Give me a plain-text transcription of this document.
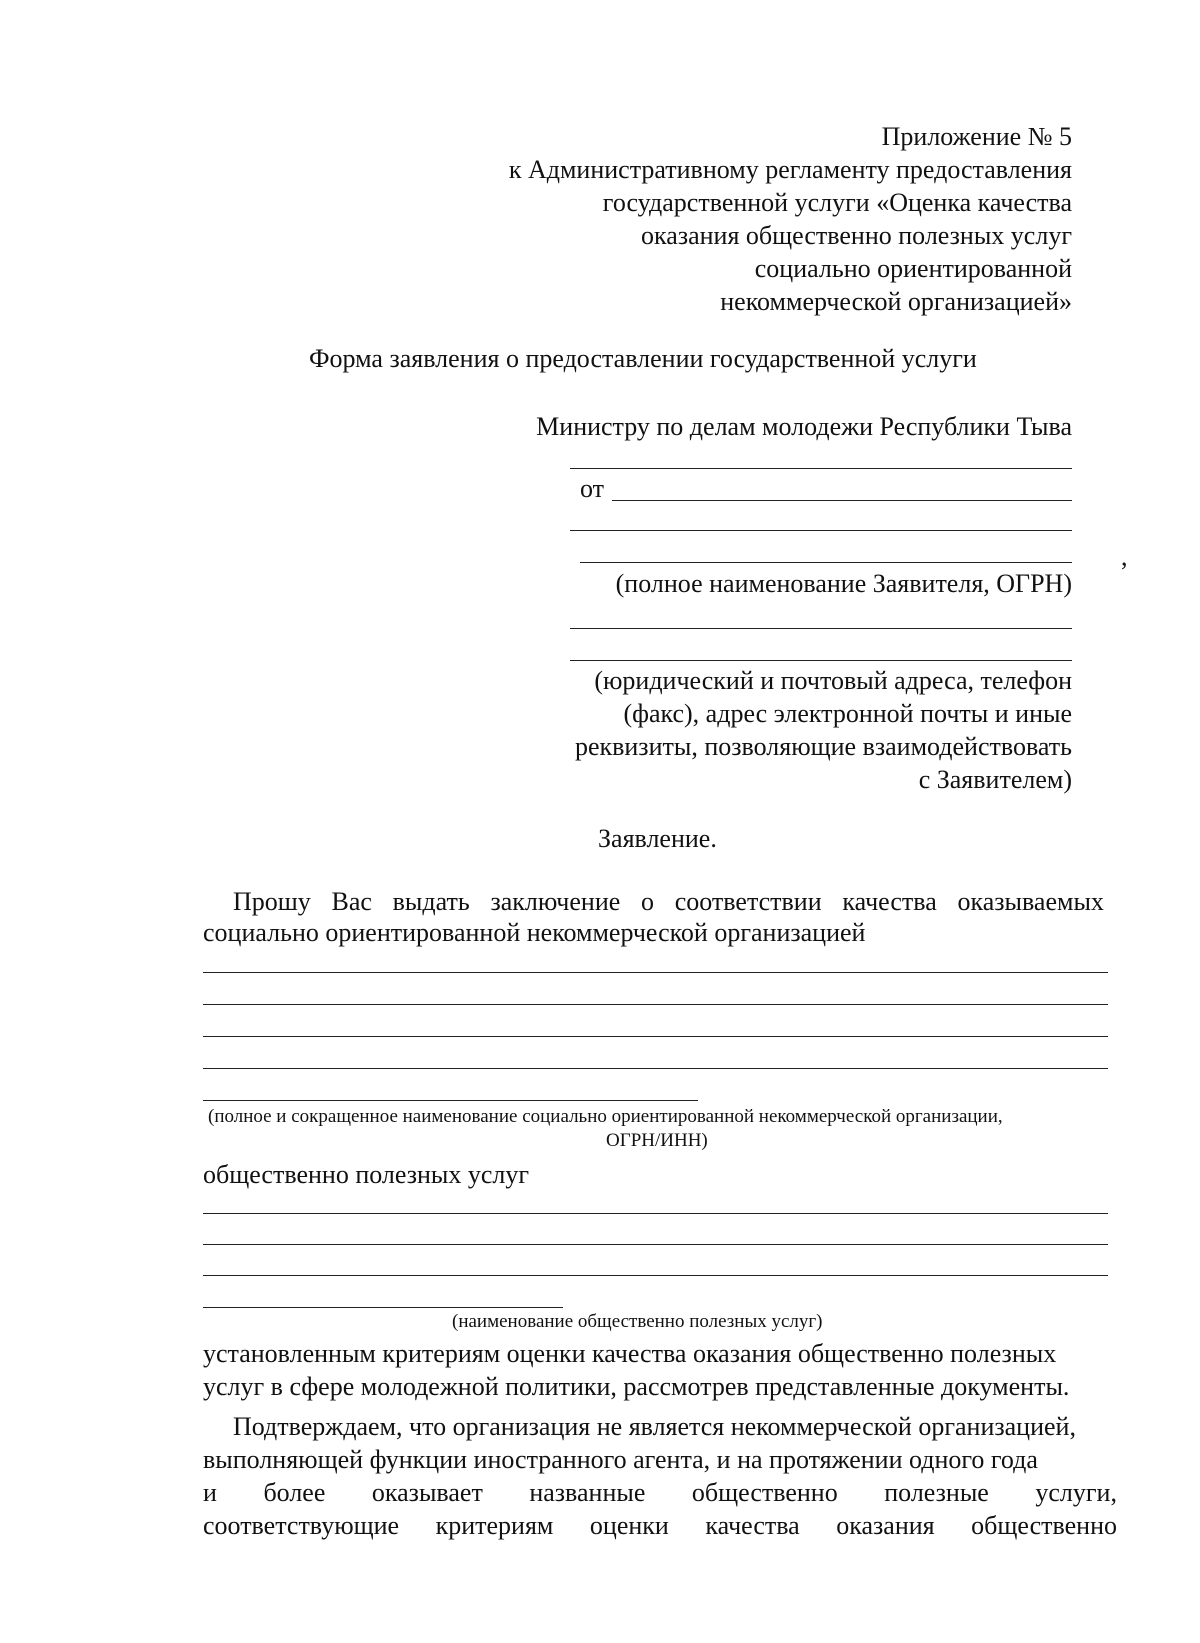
Приложение № 5
к Административному регламенту предоставления
государственной услуги «Оценка качества
оказания общественно полезных услуг
социально ориентированной
некоммерческой организацией»
Форма заявления о предоставлении государственной услуги
Министру по делам молодежи Республики Тыва
от
,
(полное наименование Заявителя, ОГРН)
(юридический и почтовый адреса, телефон
(факс), адрес электронной почты и иные
реквизиты, позволяющие взаимодействовать
с Заявителем)
Заявление.
Прошу Вас выдать заключение о соответствии качества оказываемых
социально ориентированной некоммерческой организацией
(полное и сокращенное наименование социально ориентированной некоммерческой организации,
ОГРН/ИНН)
общественно полезных услуг
(наименование общественно полезных услуг)
установленным критериям оценки качества оказания общественно полезных
услуг в сфере молодежной политики, рассмотрев представленные документы.
Подтверждаем, что организация не является некоммерческой организацией,
выполняющей функции иностранного агента, и на протяжении одного года
и более оказывает названные общественно полезные услуги,
соответствующие критериям оценки качества оказания общественно
